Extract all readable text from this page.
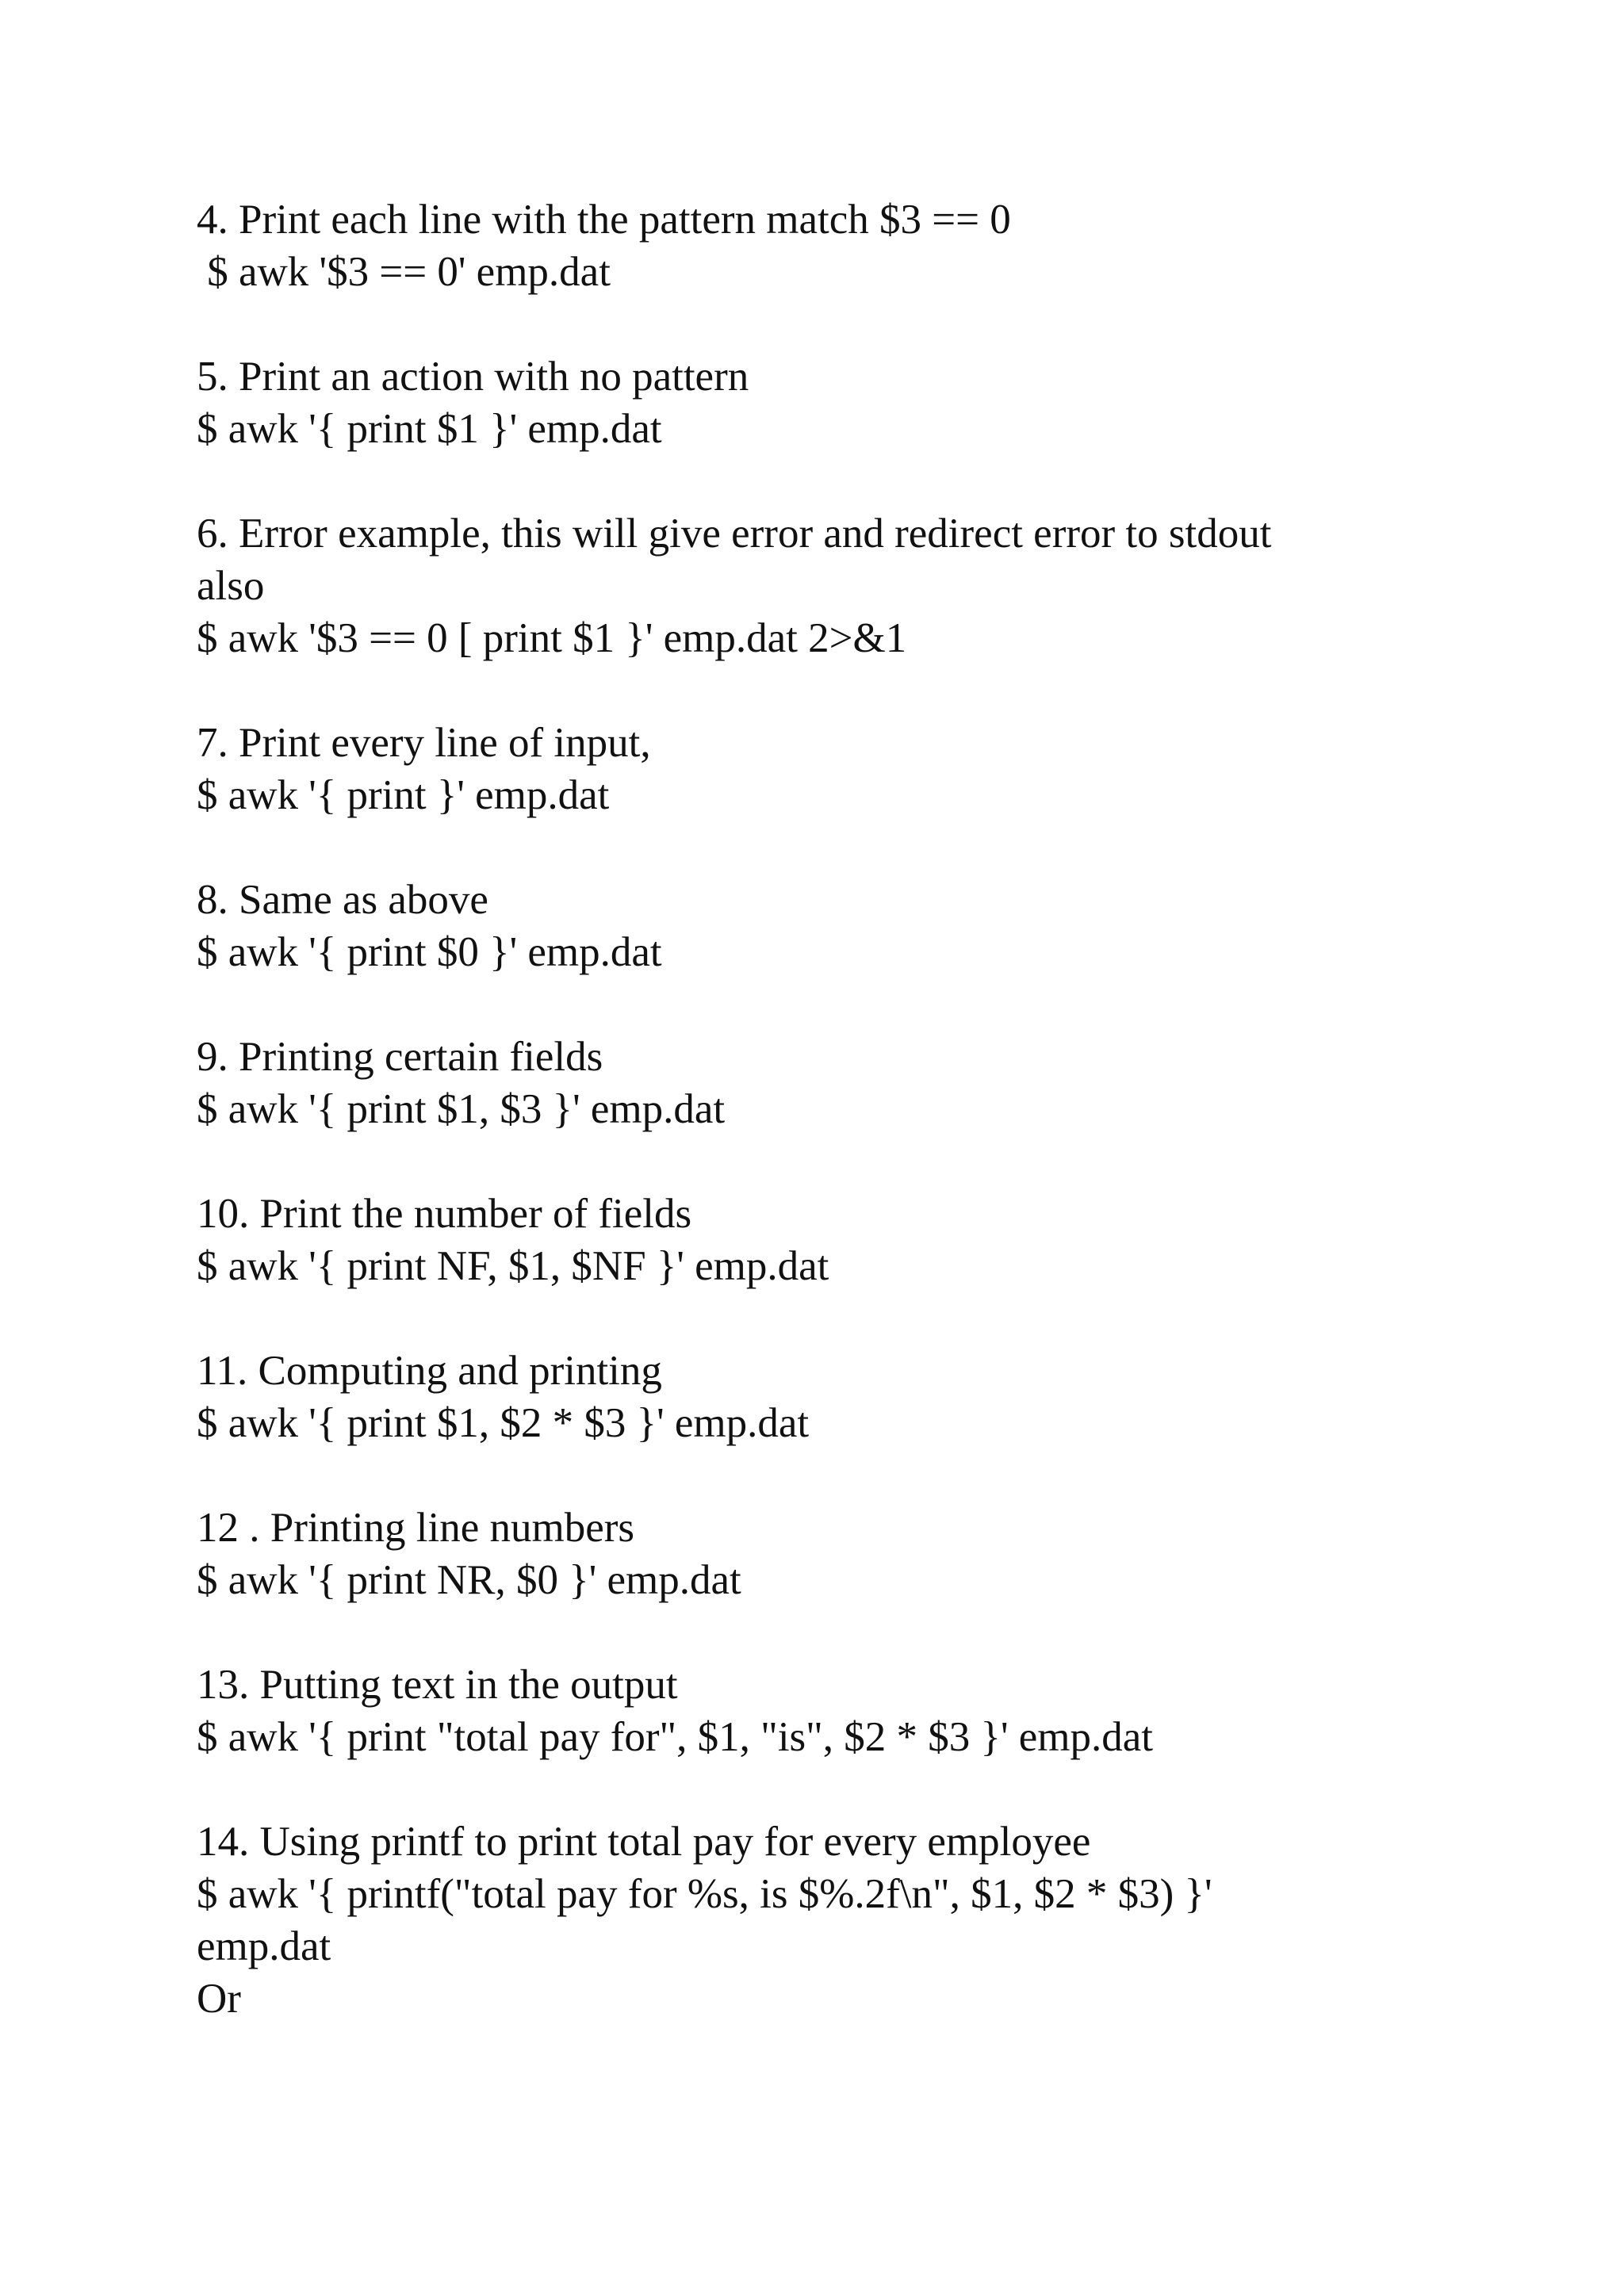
4. Print each line with the pattern match $3 == 0
$ awk '$3 == 0' emp.dat
5. Print an action with no pattern
$ awk '{ print $1 }' emp.dat
6. Error example, this will give error and redirect error to stdout
also
$ awk '$3 == 0 [ print $1 }' emp.dat 2>&1
7. Print every line of input,
$ awk '{ print }' emp.dat
8. Same as above
$ awk '{ print $0 }' emp.dat
9. Printing certain fields
$ awk '{ print $1, $3 }' emp.dat
10. Print the number of fields
$ awk '{ print NF, $1, $NF }' emp.dat
11. Computing and printing
$ awk '{ print $1, $2 * $3 }' emp.dat
12 . Printing line numbers
$ awk '{ print NR, $0 }' emp.dat
13. Putting text in the output
$ awk '{ print "total pay for", $1, "is", $2 * $3 }' emp.dat
14. Using printf to print total pay for every employee
$ awk '{ printf("total pay for %s, is $%.2f\n", $1, $2 * $3) }'
emp.dat
Or
